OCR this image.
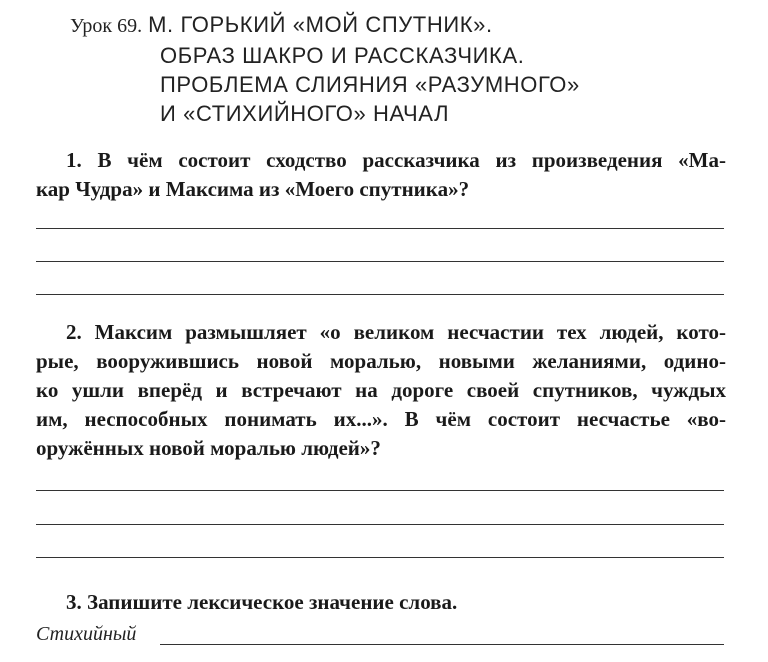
Урок 69. М. ГОРЬКИЙ «МОЙ СПУТНИК».
ОБРАЗ ШАКРО И РАССКАЗЧИКА.
ПРОБЛЕМА СЛИЯНИЯ «РАЗУМНОГО»
И «СТИХИЙНОГО» НАЧАЛ
1. В чём состоит сходство рассказчика из произведения «Ма-
кар Чудра» и Максима из «Моего спутника»?
2. Максим размышляет «о великом несчастии тех людей, кото-
рые, вооружившись новой моралью, новыми желаниями, одино-
ко ушли вперёд и встречают на дороге своей спутников, чуждых
им, неспособных понимать их...». В чём состоит несчастье «во-
оружённых новой моралью людей»?
3. Запишите лексическое значение слова.
Стихийный
